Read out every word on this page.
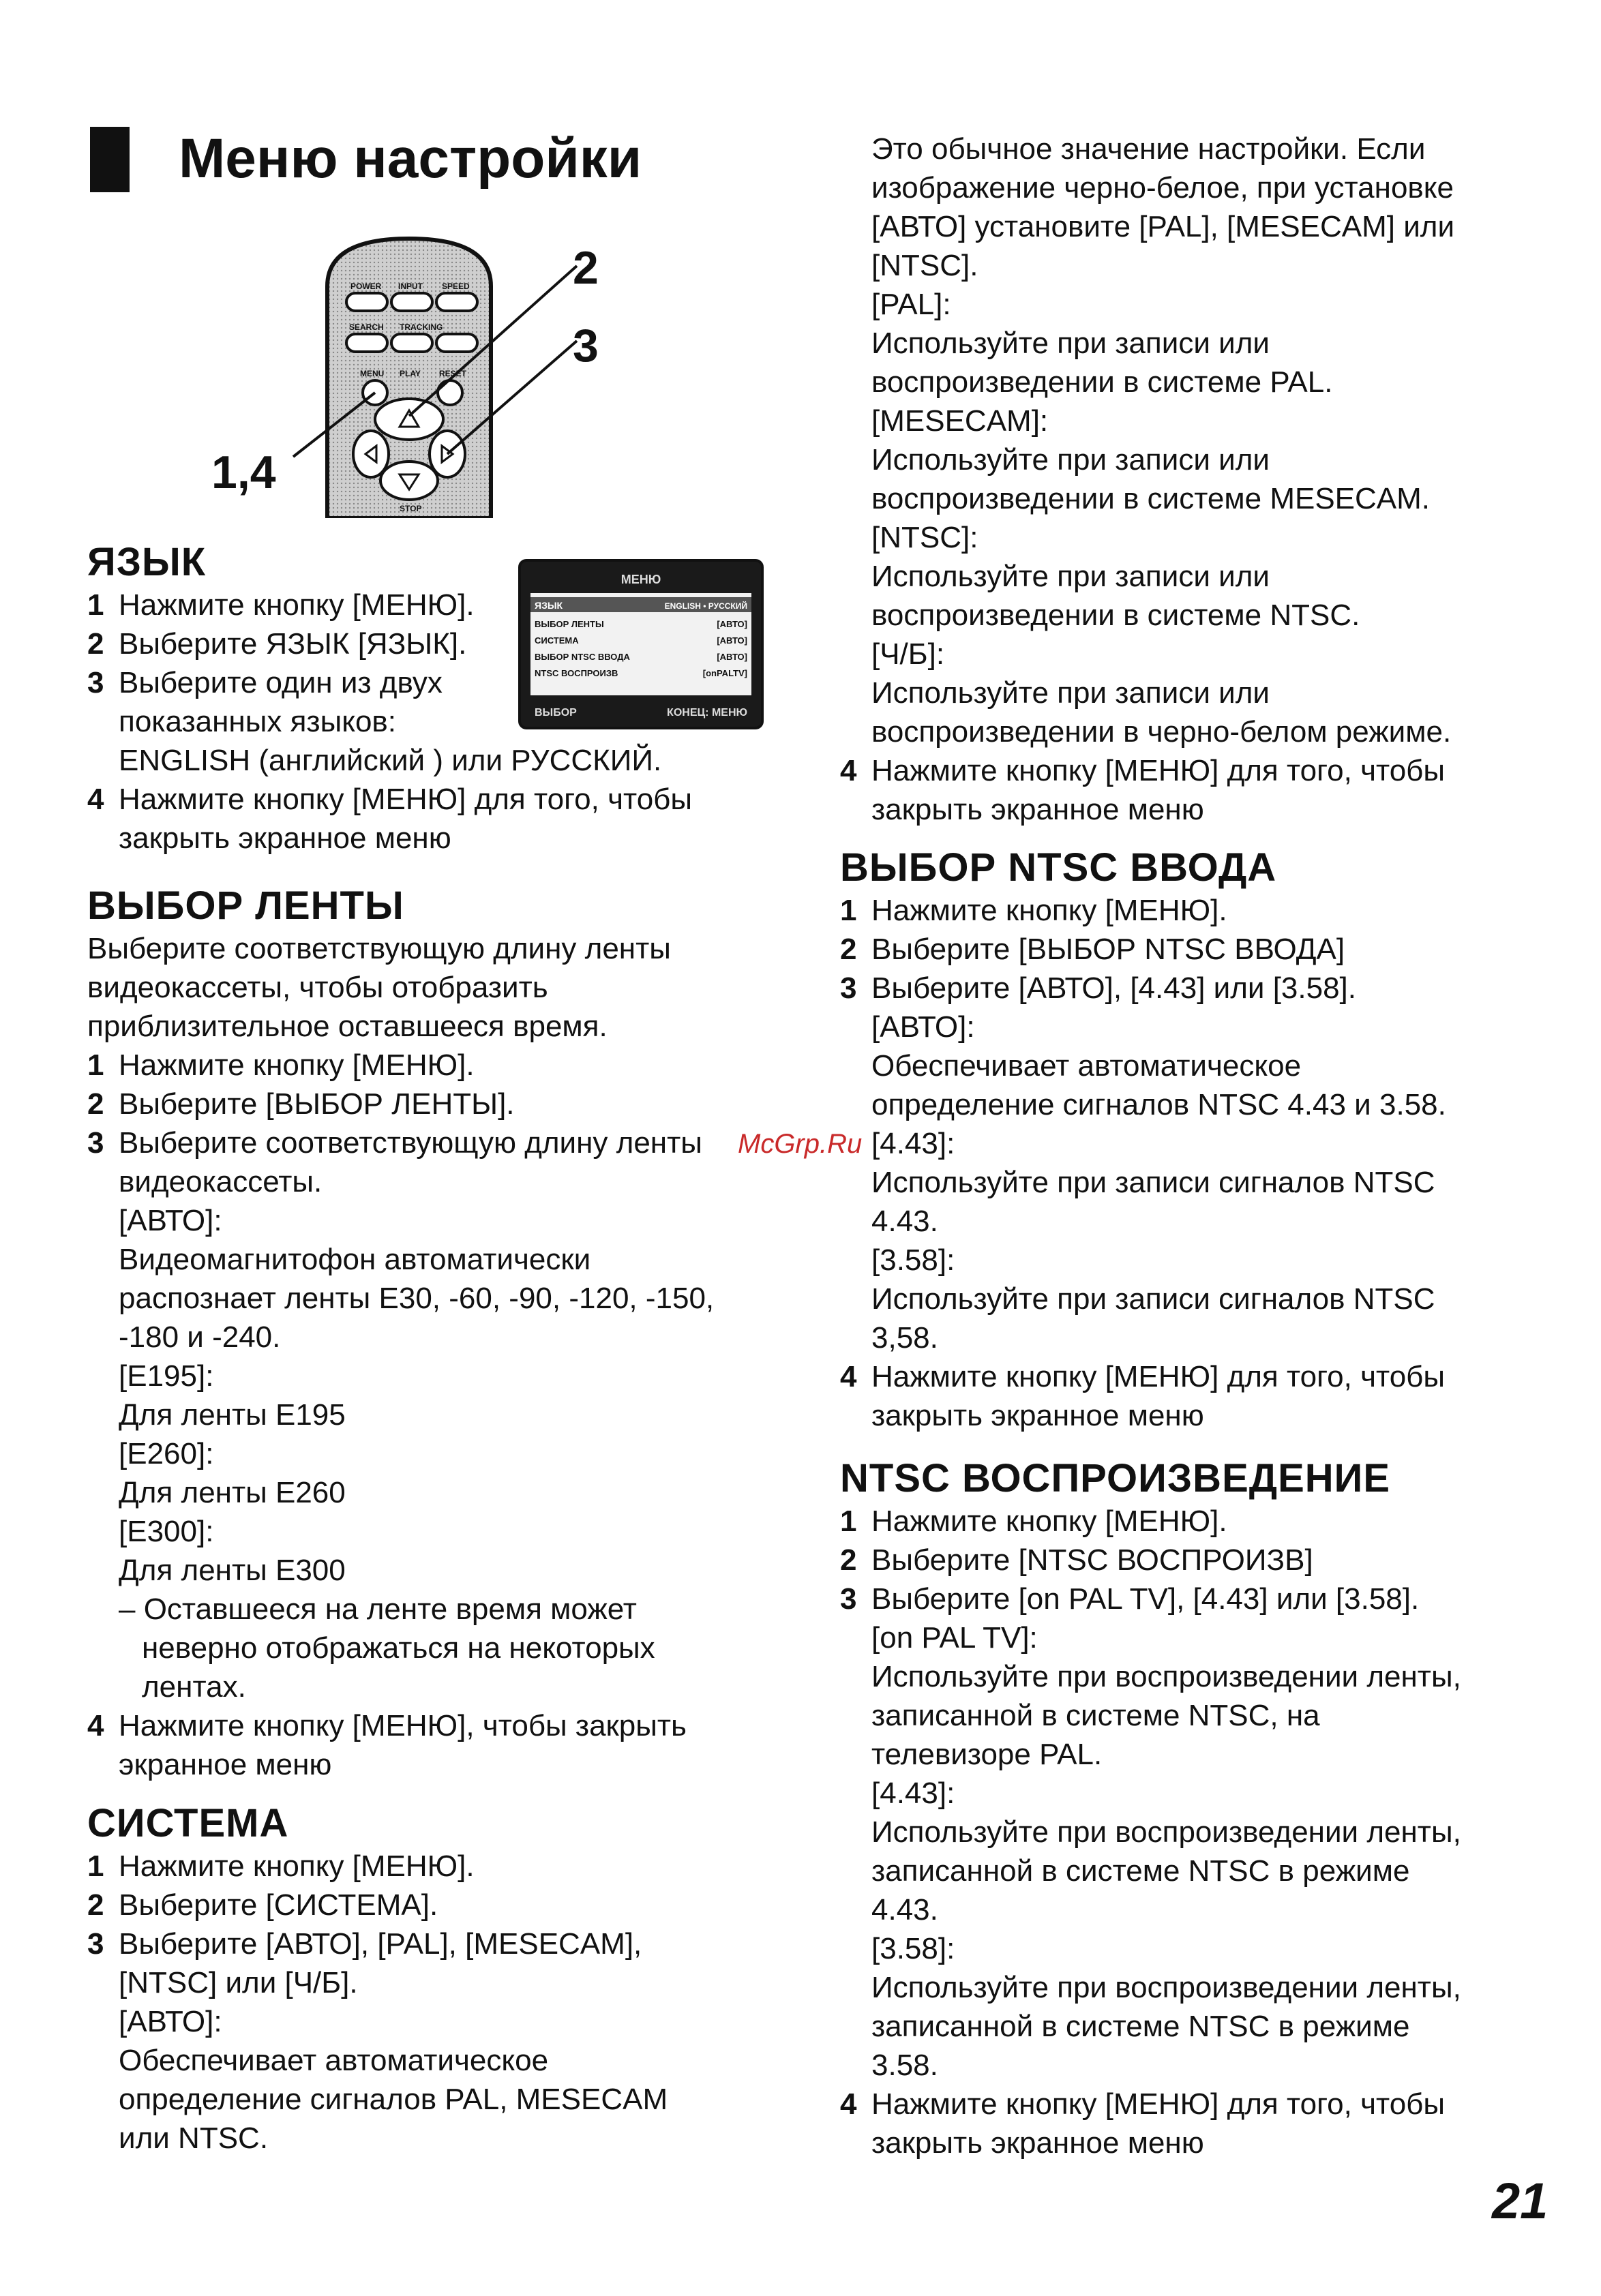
Меню настройки
POWER INPUT SPEED
SEARCH TRACKING
MENU PLAY RESET
STOP
2
3
1,4
МЕНЮ
ЯЗЫК	ENGLISH • РУССКИЙ
ВЫБОР ЛЕНТЫ	[АВТО]
СИСТЕМА	[АВТО]
ВЫБОР NTSC ВВОДА	[АВТО]
NTSC ВОСПРОИЗВ	[onPALTV]
ВЫБОР	КОНЕЦ: МЕНЮ
ЯЗЫК
1 Нажмите кнопку [МЕНЮ].
2 Выберите ЯЗЫК [ЯЗЫК].
3 Выберите один из двух
показанных языков:
ENGLISH (английский ) или РУССКИЙ.
4 Нажмите кнопку [МЕНЮ] для того, чтобы
закрыть экранное меню
ВЫБОР ЛЕНТЫ
Выберите соответствующую длину ленты
видеокассеты, чтобы отобразить
приблизительное оставшееся время.
1 Нажмите кнопку [МЕНЮ].
2 Выберите [ВЫБОР ЛЕНТЫ].
3 Выберите соответствующую длину ленты
видеокассеты.
[АВТО]:
Видеомагнитофон автоматически
распознает ленты Е30, -60, -90, -120, -150,
-180 и -240.
[E195]:
Для ленты E195
[E260]:
Для ленты E260
[E300]:
Для ленты E300
– Оставшееся на ленте время может
неверно отображаться на некоторых
лентах.
4 Нажмите кнопку [МЕНЮ], чтобы закрыть
экранное меню
СИСТЕМА
1 Нажмите кнопку [МЕНЮ].
2 Выберите [СИСТЕМА].
3 Выберите [АВТО], [PAL], [MESECAM],
[NTSC] или [Ч/Б].
[АВТО]:
Обеспечивает автоматическое
определение сигналов PAL, MESECAM
или NTSC.
Это обычное значение настройки. Если
изображение черно-белое, при установке
[АВТО] установите [PAL], [MESECAM] или
[NTSC].
[PAL]:
Используйте при записи или
воспроизведении в системе PAL.
[MESECAM]:
Используйте при записи или
воспроизведении в системе MESECAM.
[NTSC]:
Используйте при записи или
воспроизведении в системе NTSC.
[Ч/Б]:
Используйте при записи или
воспроизведении в черно-белом режиме.
4 Нажмите кнопку [МЕНЮ] для того, чтобы
закрыть экранное меню
ВЫБОР NTSC ВВОДА
1 Нажмите кнопку [МЕНЮ].
2 Выберите [ВЫБОР NTSC ВВОДА]
3 Выберите [АВТО], [4.43] или [3.58].
[АВТО]:
Обеспечивает автоматическое
определение сигналов NTSC 4.43 и 3.58.
[4.43]:
Используйте при записи сигналов NTSC
4.43.
[3.58]:
Используйте при записи сигналов NTSC
3,58.
4 Нажмите кнопку [МЕНЮ] для того, чтобы
закрыть экранное меню
NTSC ВОСПРОИЗВЕДЕНИЕ
1 Нажмите кнопку [МЕНЮ].
2 Выберите [NTSC ВОСПРОИЗВ]
3 Выберите [on PAL TV], [4.43] или [3.58].
[on PAL TV]:
Используйте при воспроизведении ленты,
записанной в системе NTSC, на
телевизоре PAL.
[4.43]:
Используйте при воспроизведении ленты,
записанной в системе NTSC в режиме
4.43.
[3.58]:
Используйте при воспроизведении ленты,
записанной в системе NTSC в режиме
3.58.
4 Нажмите кнопку [МЕНЮ] для того, чтобы
закрыть экранное меню
McGrp.Ru
21
